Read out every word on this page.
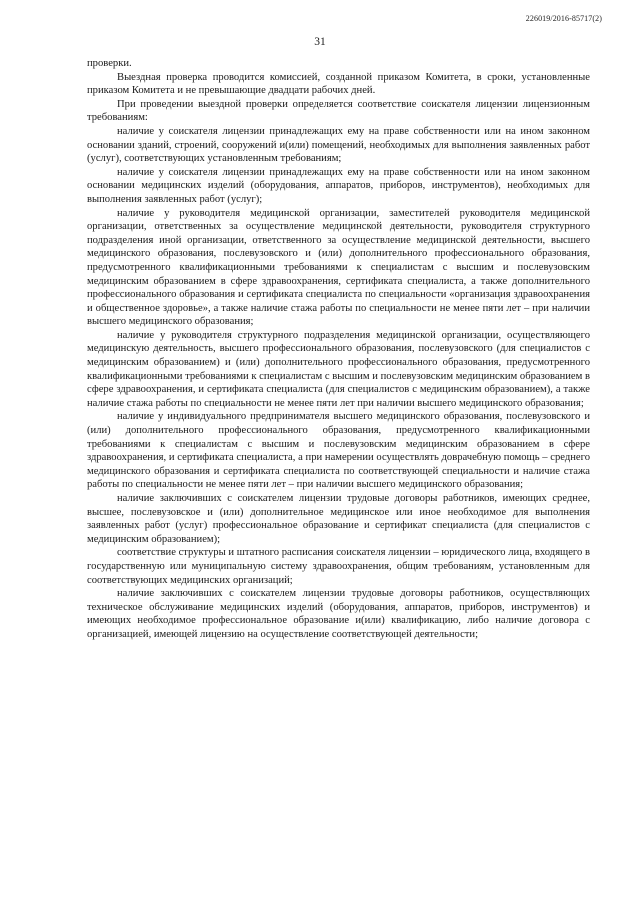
226019/2016-85717(2)
31

проверки.

Выездная проверка проводится комиссией, созданной приказом Комитета, в сроки, установленные приказом Комитета и не превышающие двадцати рабочих дней.

При проведении выездной проверки определяется соответствие соискателя лицензии лицензионным требованиям:

наличие у соискателя лицензии принадлежащих ему на праве собственности или на ином законном основании зданий, строений, сооружений и(или) помещений, необходимых для выполнения заявленных работ (услуг), соответствующих установленным требованиям;

наличие у соискателя лицензии принадлежащих ему на праве собственности или на ином законном основании медицинских изделий (оборудования, аппаратов, приборов, инструментов), необходимых для выполнения заявленных работ (услуг);

наличие у руководителя медицинской организации, заместителей руководителя медицинской организации, ответственных за осуществление медицинской деятельности, руководителя структурного подразделения иной организации, ответственного за осуществление медицинской деятельности, высшего медицинского образования, послевузовского и (или) дополнительного профессионального образования, предусмотренного квалификационными требованиями к специалистам с высшим и послевузовским медицинским образованием в сфере здравоохранения, сертификата специалиста, а также дополнительного профессионального образования и сертификата специалиста по специальности «организация здравоохранения и общественное здоровье», а также наличие стажа работы по специальности не менее пяти лет – при наличии высшего медицинского образования;

наличие у руководителя структурного подразделения медицинской организации, осуществляющего медицинскую деятельность, высшего профессионального образования, послевузовского (для специалистов с медицинским образованием) и (или) дополнительного профессионального образования, предусмотренного квалификационными требованиями к специалистам с высшим и послевузовским медицинским образованием в сфере здравоохранения, и сертификата специалиста (для специалистов с медицинским образованием), а также наличие стажа работы по специальности не менее пяти лет при наличии высшего медицинского образования;

наличие у индивидуального предпринимателя высшего медицинского образования, послевузовского и (или) дополнительного профессионального образования, предусмотренного квалификационными требованиями к специалистам с высшим и послевузовским медицинским образованием в сфере здравоохранения, и сертификата специалиста, а при намерении осуществлять доврачебную помощь – среднего медицинского образования и сертификата специалиста по соответствующей специальности и наличие стажа работы по специальности не менее пяти лет – при наличии высшего медицинского образования;

наличие заключивших с соискателем лицензии трудовые договоры работников, имеющих среднее, высшее, послевузовское и (или) дополнительное медицинское или иное необходимое для выполнения заявленных работ (услуг) профессиональное образование и сертификат специалиста (для специалистов с медицинским образованием);

соответствие структуры и штатного расписания соискателя лицензии – юридического лица, входящего в государственную или муниципальную систему здравоохранения, общим требованиям, установленным для соответствующих медицинских организаций;

наличие заключивших с соискателем лицензии трудовые договоры работников, осуществляющих техническое обслуживание медицинских изделий (оборудования, аппаратов, приборов, инструментов) и имеющих необходимое профессиональное образование и(или) квалификацию, либо наличие договора с организацией, имеющей лицензию на осуществление соответствующей деятельности;
